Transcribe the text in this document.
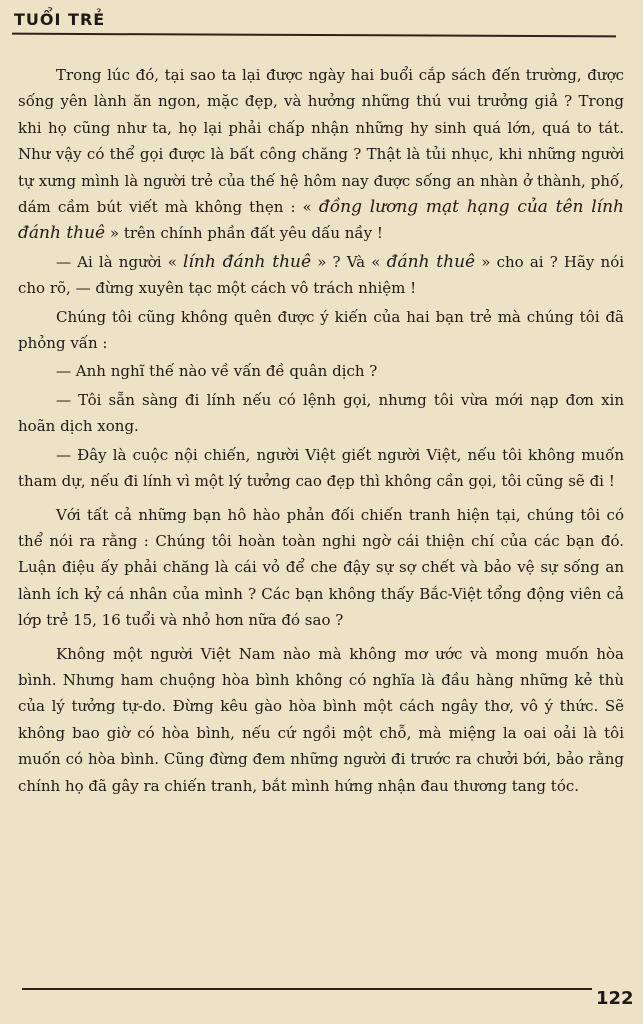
TUỔI TRẺ

Trong lúc đó, tại sao ta lại được ngày hai buổi cắp sách đến trường, được sống yên lành ăn ngon, mặc đẹp, và hưởng những thú vui trưởng giả ? Trong khi họ cũng như ta, họ lại phải chấp nhận những hy sinh quá lớn, quá to tát. Như vậy có thể gọi được là bất công chăng ? Thật là tủi nhục, khi những người tự xưng mình là người trẻ của thế hệ hôm nay được sống an nhàn ở thành, phố, dám cầm bút viết mà không thẹn : « đồng lương mạt hạng của tên lính đánh thuê » trên chính phần đất yêu dấu nầy !

— Ai là người « lính đánh thuê » ? Và « đánh thuê » cho ai ? Hãy nói cho rõ, — đừng xuyên tạc một cách vô trách nhiệm !

Chúng tôi cũng không quên được ý kiến của hai bạn trẻ mà chúng tôi đã phỏng vấn :

— Anh nghĩ thế nào về vấn đề quân dịch ?

— Tôi sẵn sàng đi lính nếu có lệnh gọi, nhưng tôi vừa mới nạp đơn xin hoãn dịch xong.

— Đây là cuộc nội chiến, người Việt giết người Việt, nếu tôi không muốn tham dự, nếu đi lính vì một lý tưởng cao đẹp thì không cần gọi, tôi cũng sẽ đi !

Với tất cả những bạn hô hào phản đối chiến tranh hiện tại, chúng tôi có thể nói ra rằng : Chúng tôi hoàn toàn nghi ngờ cái thiện chí của các bạn đó. Luận điệu ấy phải chăng là cái vỏ để che đậy sự sợ chết và bảo vệ sự sống an lành ích kỷ cá nhân của mình ? Các bạn không thấy Bắc-Việt tổng động viên cả lớp trẻ 15, 16 tuổi và nhỏ hơn nữa đó sao ?

Không một người Việt Nam nào mà không mơ ước và mong muốn hòa bình. Nhưng ham chuộng hòa bình không có nghĩa là đầu hàng những kẻ thù của lý tưởng tự-do. Đừng kêu gào hòa bình một cách ngây thơ, vô ý thức. Sẽ không bao giờ có hòa bình, nếu cứ ngồi một chỗ, mà miệng la oai oải là tôi muốn có hòa bình. Cũng đừng đem những người đi trước ra chưởi bới, bảo rằng chính họ đã gây ra chiến tranh, bắt mình hứng nhận đau thương tang tóc.

122
